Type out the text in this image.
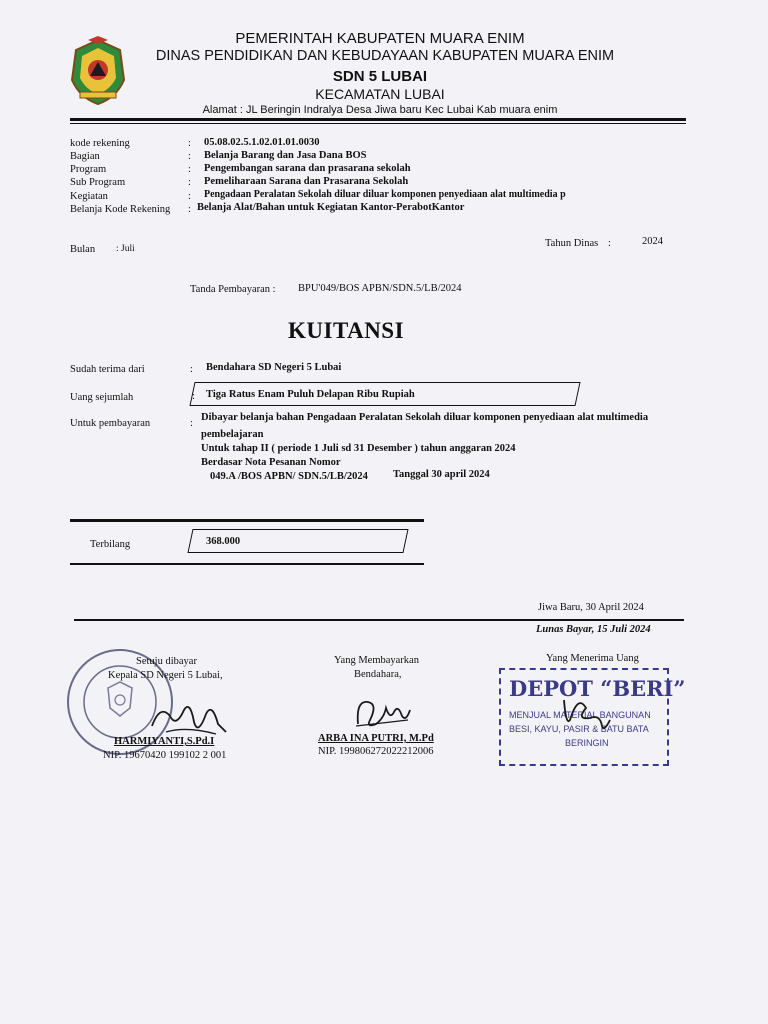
PEMERINTAH KABUPATEN MUARA ENIM
DINAS PENDIDIKAN DAN KEBUDAYAAN KABUPATEN MUARA ENIM
SDN 5 LUBAI
KECAMATAN LUBAI
Alamat : JL Beringin Indralya Desa Jiwa baru Kec Lubai Kab muara enim
kode rekening	: 05.08.02.5.1.02.01.01.0030
Bagian	: Belanja Barang dan Jasa Dana BOS
Program	: Pengembangan sarana dan prasarana sekolah
Sub Program	: Pemeliharaan Sarana dan Prasarana Sekolah
Kegiatan	: Pengadaan Peralatan Sekolah diluar diluar komponen penyediaan alat multimedia p
Belanja Kode Rekening : Belanja Alat/Bahan untuk Kegiatan Kantor-PerabotKantor
Bulan : Juli	Tahun Dinas :	2024
Tanda Pembayaran : BPU'049/BOS APBN/SDN.5/LB/2024
KUITANSI
Sudah terima dari	: Bendahara SD Negeri 5 Lubai
Uang sejumlah	: Tiga Ratus Enam Puluh Delapan Ribu Rupiah
Untuk pembayaran	:
Dibayar belanja bahan Pengadaan Peralatan Sekolah diluar komponen penyediaan alat multimedia
pembelajaran
Untuk tahap II ( periode 1 Juli sd 31 Desember ) tahun anggaran 2024
Berdasar Nota Pesanan Nomor
049.A /BOS APBN/ SDN.5/LB/2024 Tanggal 30 april 2024
Terbilang	368.000
Jiwa Baru, 30 April 2024
Lunas Bayar, 15 Juli 2024
Setuju dibayar
Kepala SD Negeri 5 Lubai,
HARMIYANTI,S.Pd.I
NIP. 19670420 199102 2 001
Yang Membayarkan
Bendahara,
ARBA INA PUTRI, M.Pd
NIP. 199806272022212006
Yang Menerima Uang
DEPOT “BERI”
MENJUAL MATERIAL BANGUNAN
BESI, KAYU, PASIR & BATU BATA
BERINGIN
